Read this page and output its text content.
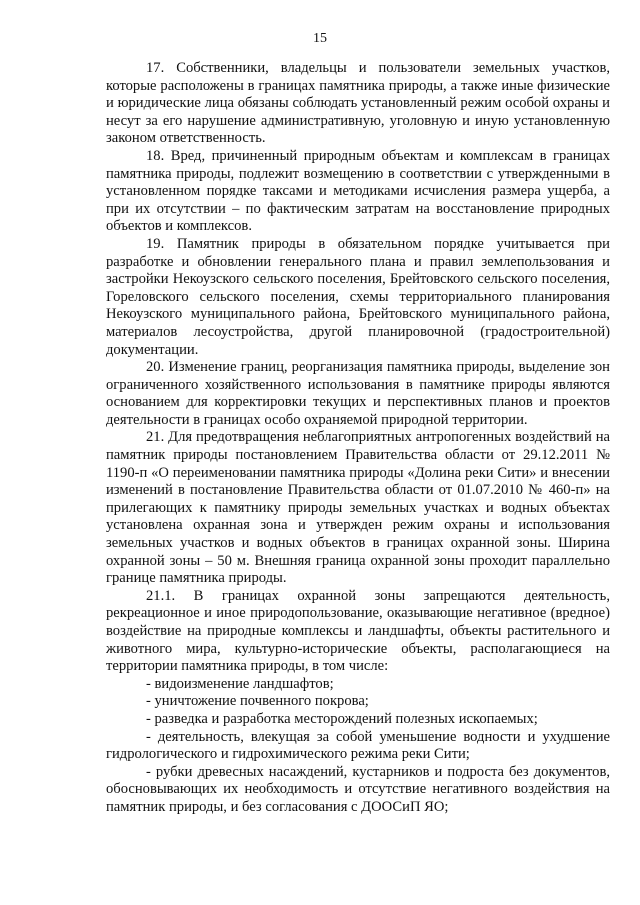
15

17. Собственники, владельцы и пользователи земельных участков, которые расположены в границах памятника природы, а также иные физические и юридические лица обязаны соблюдать установленный режим особой охраны и несут за его нарушение административную, уголовную и иную установленную законом ответственность.

18. Вред, причиненный природным объектам и комплексам в границах памятника природы, подлежит возмещению в соответствии с утвержденными в установленном порядке таксами и методиками исчисления размера ущерба, а при их отсутствии – по фактическим затратам на восстановление природных объектов и комплексов.

19. Памятник природы в обязательном порядке учитывается при разработке и обновлении генерального плана и правил землепользования и застройки Некоузского сельского поселения, Брейтовского сельского поселения, Гореловского сельского поселения, схемы территориального планирования Некоузского муниципального района, Брейтовского муниципального района, материалов лесоустройства, другой планировочной (градостроительной) документации.

20. Изменение границ, реорганизация памятника природы, выделение зон ограниченного хозяйственного использования в памятнике природы являются основанием для корректировки текущих и перспективных планов и проектов деятельности в границах особо охраняемой природной территории.

21. Для предотвращения неблагоприятных антропогенных воздействий на памятник природы постановлением Правительства области от 29.12.2011 № 1190-п «О переименовании памятника природы «Долина реки Сити» и внесении изменений в постановление Правительства области от 01.07.2010 № 460-п» на прилегающих к памятнику природы земельных участках и водных объектах установлена охранная зона и утвержден режим охраны и использования земельных участков и водных объектов в границах охранной зоны. Ширина охранной зоны – 50 м. Внешняя граница охранной зоны проходит параллельно границе памятника природы.

21.1. В границах охранной зоны запрещаются деятельность, рекреационное и иное природопользование, оказывающие негативное (вредное) воздействие на природные комплексы и ландшафты, объекты растительного и животного мира, культурно-исторические объекты, располагающиеся на территории памятника природы, в том числе:

- видоизменение ландшафтов;

- уничтожение почвенного покрова;

- разведка и разработка месторождений полезных ископаемых;

- деятельность, влекущая за собой уменьшение водности и ухудшение гидрологического и гидрохимического режима реки Сити;

- рубки древесных насаждений, кустарников и подроста без документов, обосновывающих их необходимость и отсутствие негативного воздействия на памятник природы, и без согласования с ДООСиП ЯО;
